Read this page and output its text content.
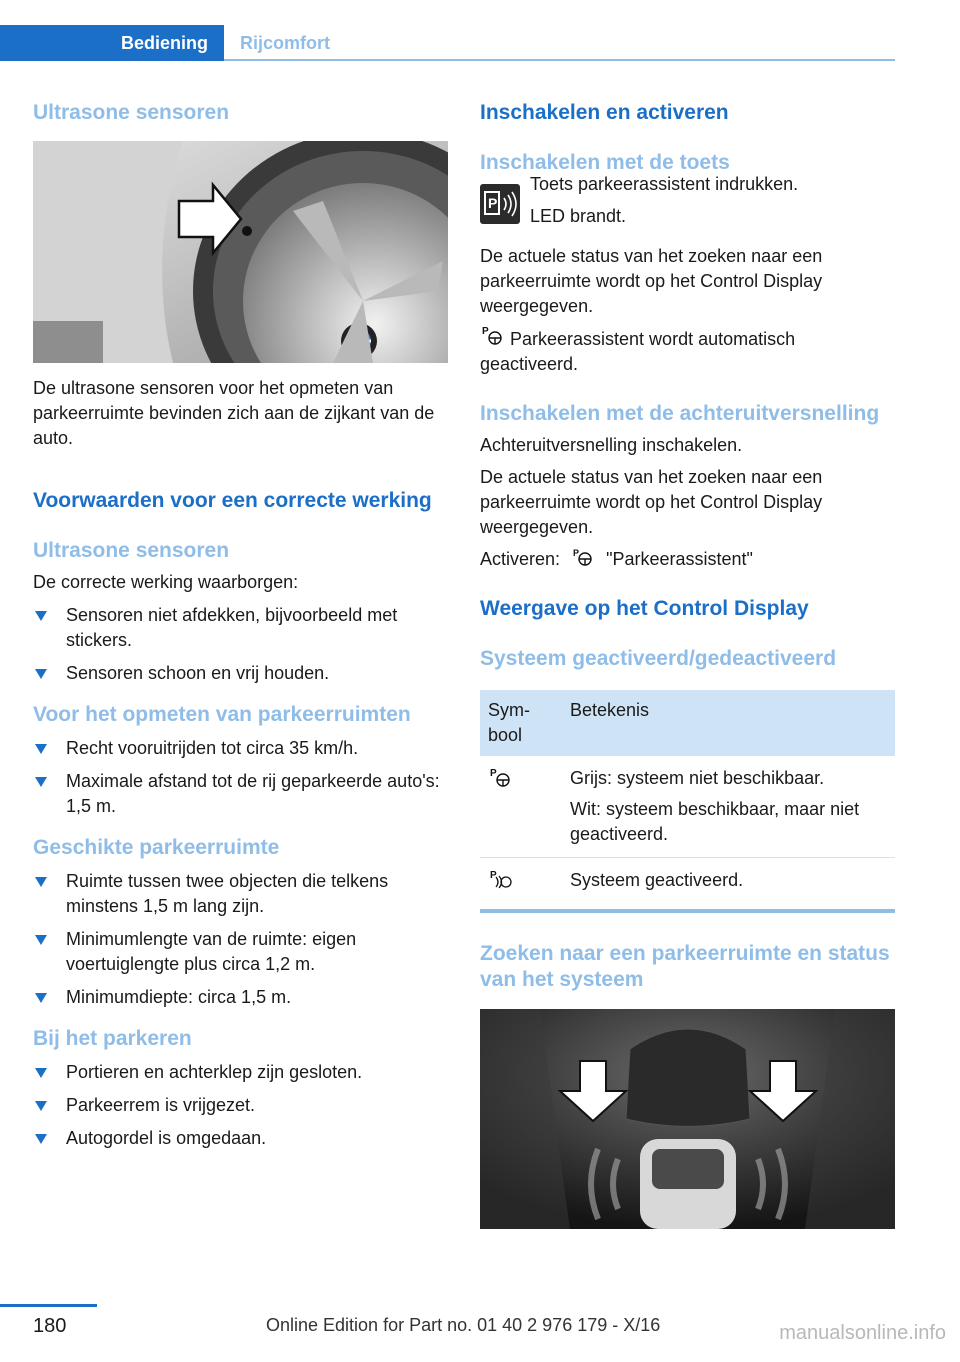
Bediening	Rijcomfort
Ultrasone sensoren

De ultrasone sensoren voor het opmeten van parkeerruimte bevinden zich aan de zijkant van de auto.

Voorwaarden voor een correcte werking
Ultrasone sensoren

De correcte werking waarborgen:

Sensoren niet afdekken, bijvoorbeeld met stickers.
Sensoren schoon en vrij houden.
Voor het opmeten van parkeerruimten
Recht vooruitrijden tot circa 35 km/h.
Maximale afstand tot de rij geparkeerde auto's: 1,5 m.
Geschikte parkeerruimte
Ruimte tussen twee objecten die telkens minstens 1,5 m lang zijn.
Minimumlengte van de ruimte: eigen voertuiglengte plus circa 1,2 m.
Minimumdiepte: circa 1,5 m.
Bij het parkeren
Portieren en achterklep zijn gesloten.
Parkeerrem is vrijgezet.
Autogordel is omgedaan.
Inschakelen en activeren
Inschakelen met de toets
P

Toets parkeerassistent indrukken.

LED brandt.

De actuele status van het zoeken naar een parkeerruimte wordt op het Control Display weergegeven.

P	Parkeerassistent wordt automatisch geactiveerd.

Inschakelen met de achteruitversnelling

Achteruitversnelling inschakelen.

De actuele status van het zoeken naar een parkeerruimte wordt op het Control Display weergegeven.

Activeren: P "Parkeerassistent"

Weergave op het Control Display
Systeem geactiveerd/gedeactiveerd
Sym-
bool	Betekenis

P	Grijs: systeem niet beschikbaar.

Wit: systeem beschikbaar, maar niet geactiveerd.

P	Systeem geactiveerd.
Zoeken naar een parkeerruimte en status van het systeem
180	Online Edition for Part no. 01 40 2 976 179 - X/16	manualsonline.info
